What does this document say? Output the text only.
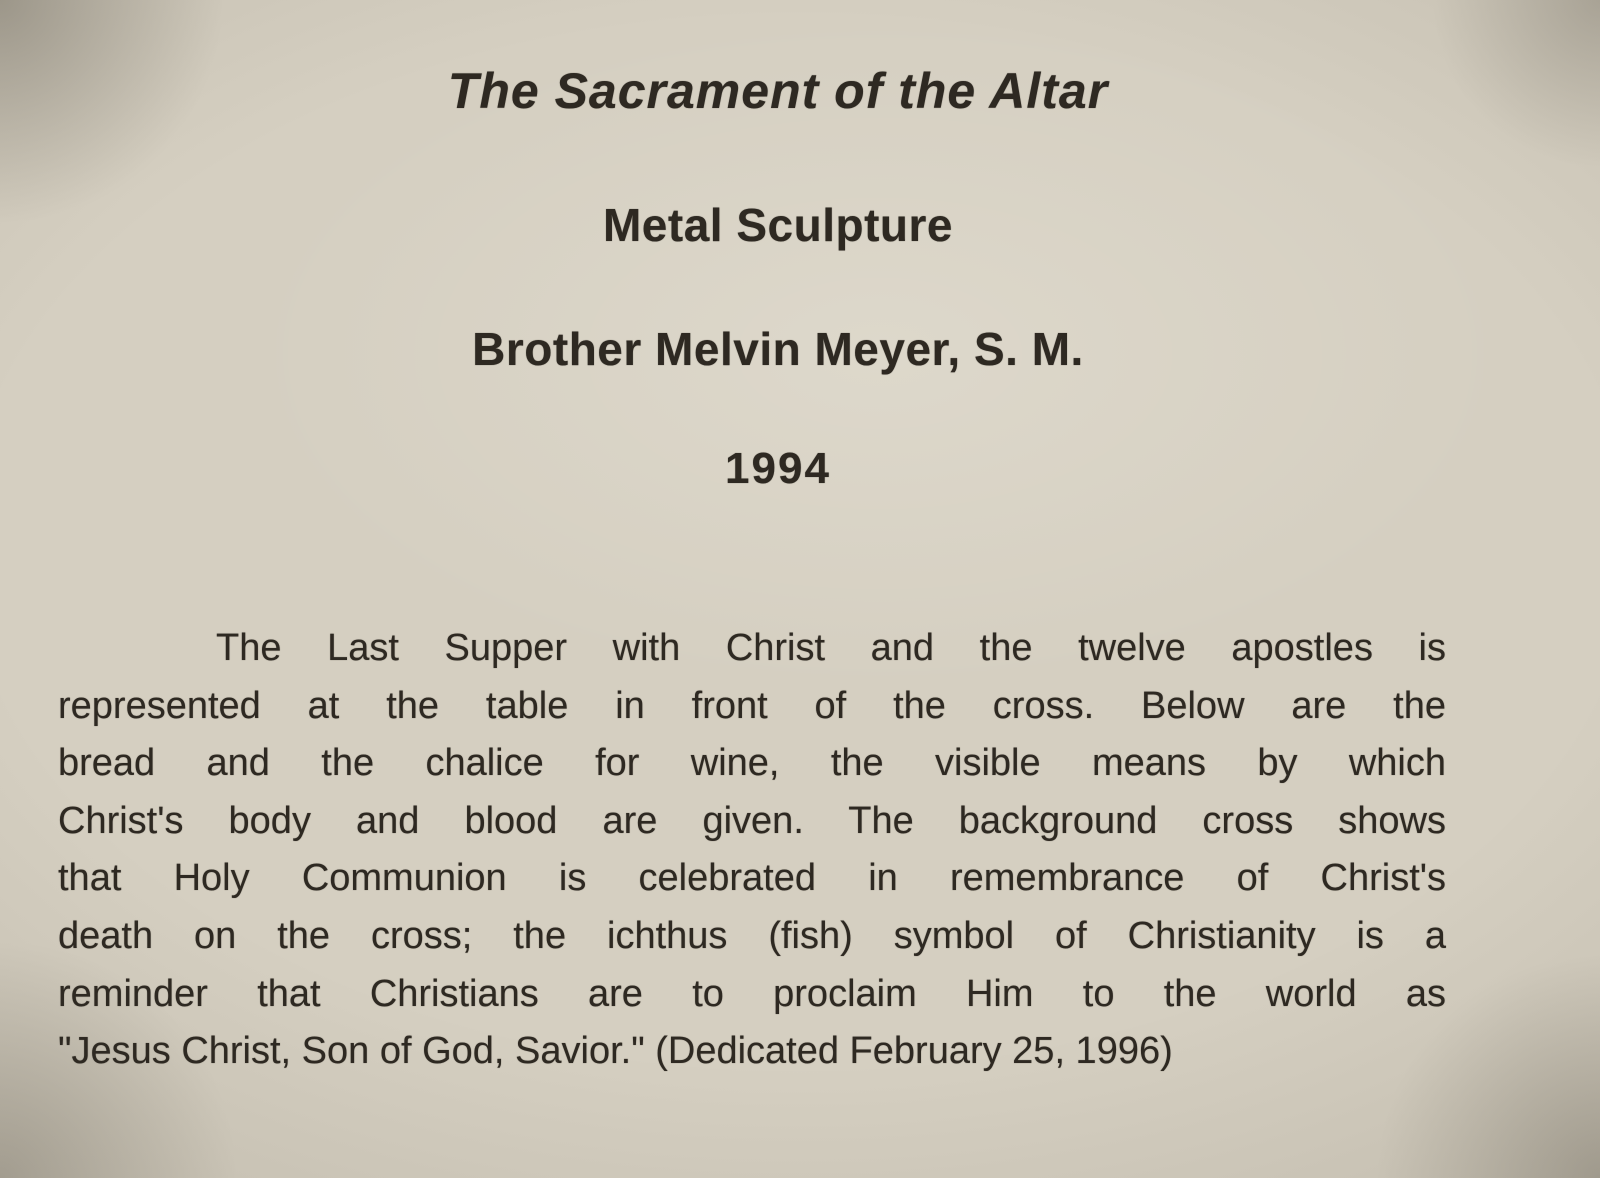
The Sacrament of the Altar
Metal Sculpture
Brother Melvin Meyer, S. M.
1994
The Last Supper with Christ and the twelve apostles is
represented at the table in front of the cross. Below are the
bread and the chalice for wine, the visible means by which
Christ's body and blood are given. The background cross shows
that Holy Communion is celebrated in remembrance of Christ's
death on the cross; the ichthus (fish) symbol of Christianity is a
reminder that Christians are to proclaim Him to the world as
"Jesus Christ, Son of God, Savior." (Dedicated February 25, 1996)
